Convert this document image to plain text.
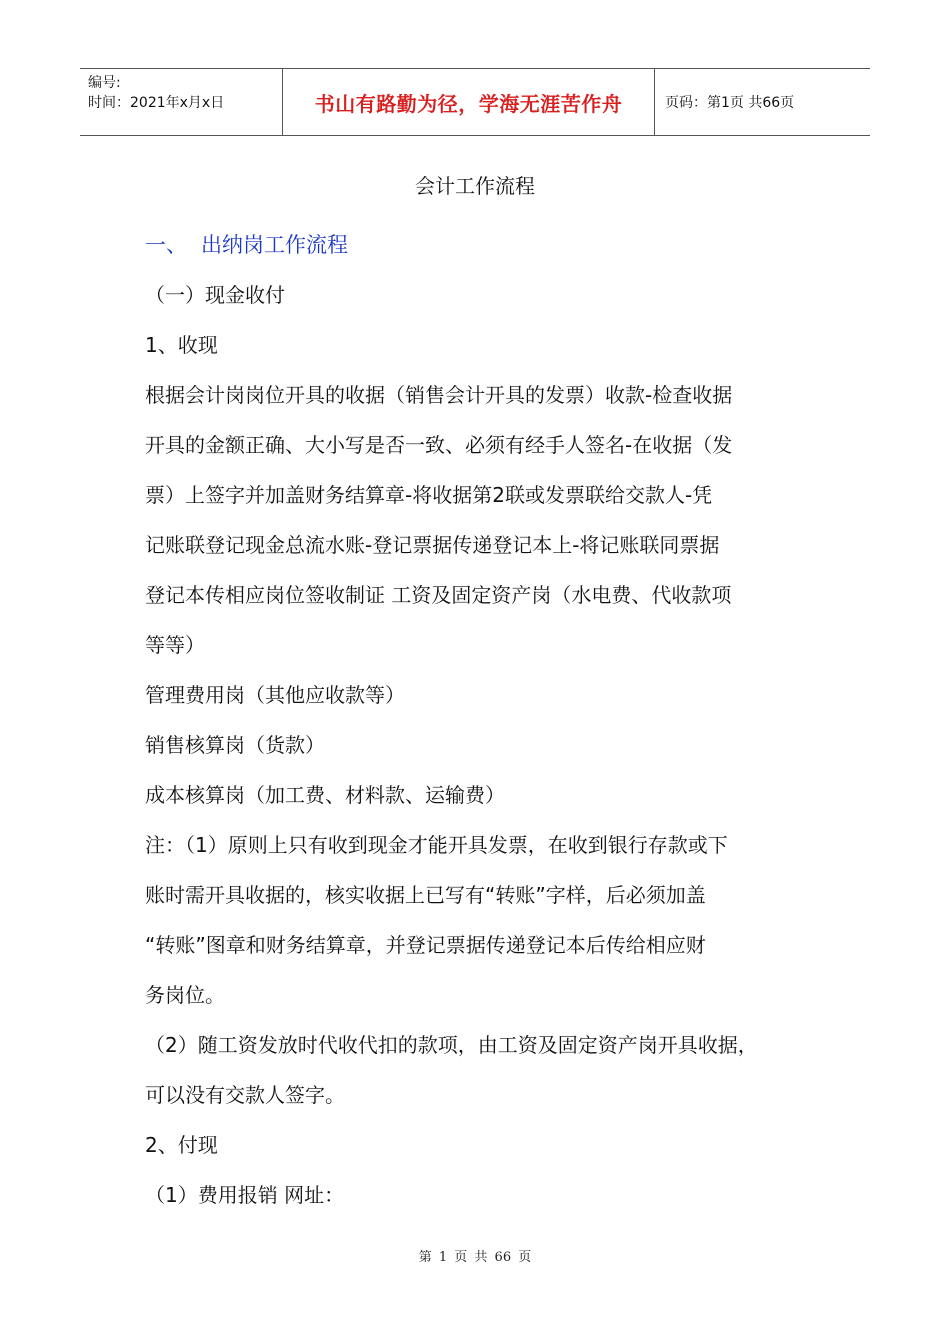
编号:
时间：2021年x月x日	书山有路勤为径，学海无涯苦作舟	页码：第1页 共66页
会计工作流程
一、 出纳岗工作流程

（一）现金收付

1、收现

根据会计岗岗位开具的收据（销售会计开具的发票）收款-检查收据

开具的金额正确、大小写是否一致、必须有经手人签名-在收据（发

票）上签字并加盖财务结算章-将收据第2联或发票联给交款人-凭

记账联登记现金总流水账-登记票据传递登记本上-将记账联同票据

登记本传相应岗位签收制证 工资及固定资产岗（水电费、代收款项

等等）

管理费用岗（其他应收款等）

销售核算岗（货款）

成本核算岗（加工费、材料款、运输费）

注：（1）原则上只有收到现金才能开具发票，在收到银行存款或下

账时需开具收据的，核实收据上已写有“转账”字样，后必须加盖

“转账”图章和财务结算章，并登记票据传递登记本后传给相应财

务岗位。

（2）随工资发放时代收代扣的款项，由工资及固定资产岗开具收据，

可以没有交款人签字。

2、付现

（1）费用报销 网址：

第 1 页 共 66 页
